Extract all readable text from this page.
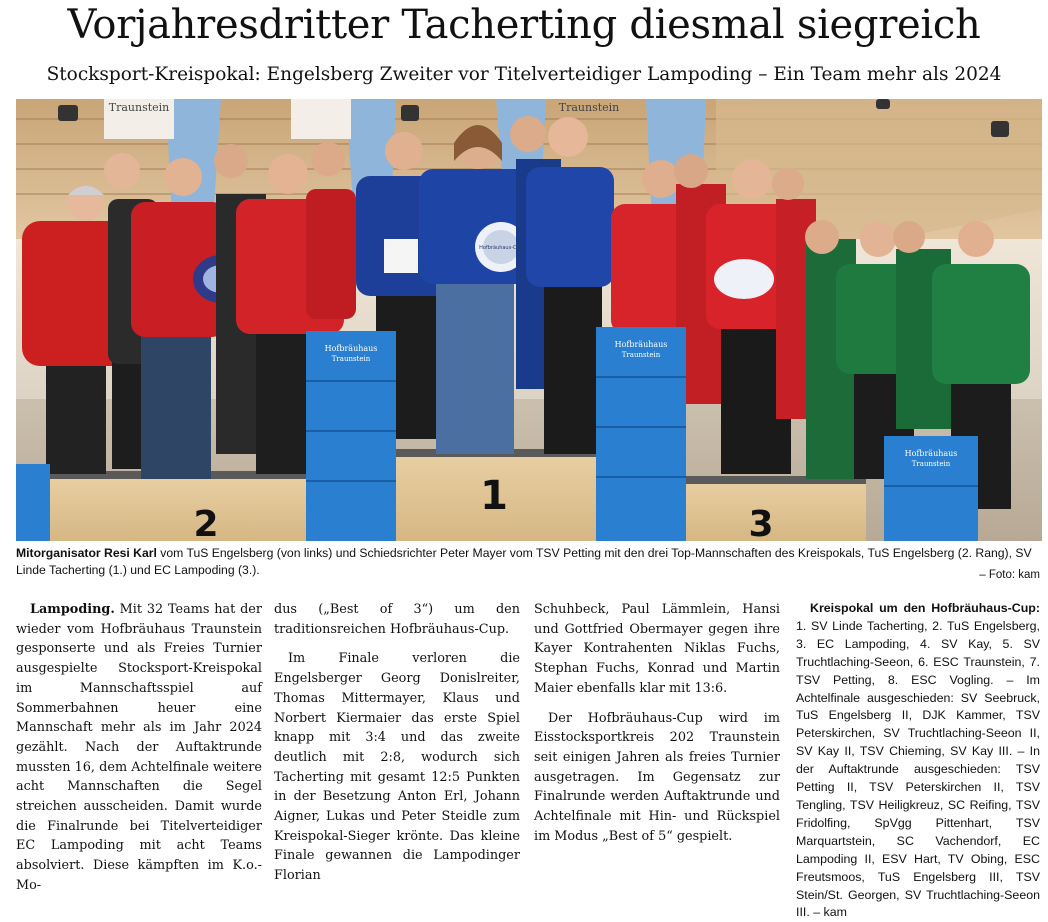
Vorjahresdritter Tacherting diesmal siegreich
Stocksport-Kreispokal: Engelsberg Zweiter vor Titelverteidiger Lampoding – Ein Team mehr als 2024
Traunstein	Traunstein
2
1
3
Hofbräuhaus
Traunstein
Hofbräuhaus
Traunstein
Hofbräuhaus
Traunstein
Hofbräuhaus-Cup
Mitorganisator Resi Karl vom TuS Engelsberg (von links) und Schiedsrichter Peter Mayer vom TSV Petting mit den drei Top-Mannschaften des Kreispokals, TuS Engelsberg (2. Rang), SV Linde Tacherting (1.) und EC Lampoding (3.).	– Foto: kam

Lampoding. Mit 32 Teams hat der wieder vom Hofbräuhaus Traunstein gesponserte und als Freies Turnier ausgespielte Stocksport-Kreispokal im Mannschaftsspiel auf Sommerbahnen heuer eine Mannschaft mehr als im Jahr 2024 gezählt. Nach der Auftaktrunde mussten 16, dem Achtelfinale weitere acht Mannschaften die Segel streichen ausscheiden. Damit wurde die Finalrunde bei Titelverteidiger EC Lampoding mit acht Teams absolviert. Diese kämpften im K.o.-Mo-

dus („Best of 3“) um den traditionsreichen Hofbräuhaus-Cup.

Im Finale verloren die Engelsberger Georg Donislreiter, Thomas Mittermayer, Klaus und Norbert Kiermaier das erste Spiel knapp mit 3:4 und das zweite deutlich mit 2:8, wodurch sich Tacherting mit gesamt 12:5 Punkten in der Besetzung Anton Erl, Johann Aigner, Lukas und Peter Steidle zum Kreispokal-Sieger krönte. Das kleine Finale gewannen die Lampodinger Florian

Schuhbeck, Paul Lämmlein, Hansi und Gottfried Obermayer gegen ihre Kayer Kontrahenten Niklas Fuchs, Stephan Fuchs, Konrad und Martin Maier ebenfalls klar mit 13:6.

Der Hofbräuhaus-Cup wird im Eisstocksportkreis 202 Traunstein seit einigen Jahren als freies Turnier ausgetragen. Im Gegensatz zur Finalrunde werden Auftaktrunde und Achtelfinale mit Hin- und Rückspiel im Modus „Best of 5“ gespielt.

Kreispokal um den Hofbräuhaus-Cup: 1. SV Linde Tacherting, 2. TuS Engelsberg, 3. EC Lampoding, 4. SV Kay, 5. SV Truchtlaching-Seeon, 6. ESC Traunstein, 7. TSV Petting, 8. ESC Vogling. – Im Achtelfinale ausgeschieden: SV Seebruck, TuS Engelsberg II, DJK Kammer, TSV Peterskirchen, SV Truchtlaching-Seeon II, SV Kay II, TSV Chieming, SV Kay III. – In der Auftaktrunde ausgeschieden: TSV Petting II, TSV Peterskirchen II, TSV Tengling, TSV Heiligkreuz, SC Reifing, TSV Fridolfing, SpVgg Pittenhart, TSV Marquartstein, SC Vachendorf, EC Lampoding II, ESV Hart, TV Obing, ESC Freutsmoos, TuS Engelsberg III, TSV Stein/St. Georgen, SV Truchtlaching-Seeon III. – kam
